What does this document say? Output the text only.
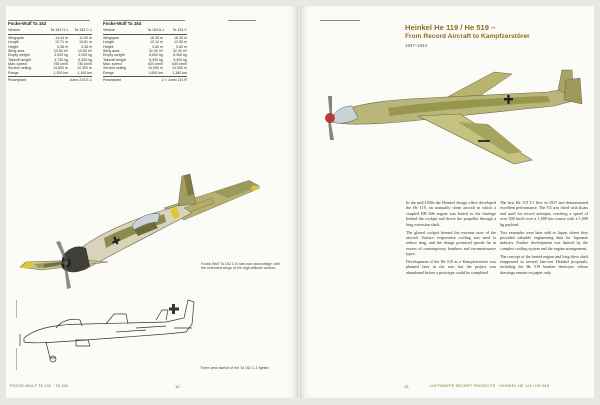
Focke-Wulf Ta 152
Version	Ta 152 H-1 Ta 152 C-1
Wingspan	14.44 m	11.00 m
Length	10.71 m	10.81 m
Height	3.36 m	3.36 m
Wing area	23.50 m²	19.50 m²
Empty weight	3,920 kg	4,000 kg
Takeoff weight	4,730 kg	5,300 kg
Max. speed	755 km/h	730 km/h
Service ceiling	14,800 m	12,300 m
Range	1,200 km	1,100 km
Powerplant	Jumo 213 E-1
Focke-Wulf Ta 154
Version	Ta 154 A-1 Ta 154 C
Wingspan	16.30 m	16.30 m
Length	12.10 m	12.55 m
Height	3.60 m	3.60 m
Wing area	32.40 m²	32.40 m²
Empty weight	6,600 kg	6,900 kg
Takeoff weight	8,930 kg	9,400 kg
Max. speed	620 km/h	640 km/h
Service ceiling	10,900 m	10,500 m
Range	1,850 km	1,380 km
Powerplant	2 × Jumo 211 R
Focke-Wulf Ta 152 C in late-war camouflage, with the extended wings of the high-altitude version.
Three-view sketch of the Ta 152 C-1 fighter.
FOCKE-WULF TA 152 · TA 154	12
Heinkel He 119 / He 519 –
From Record Aircraft to Kampfzerstörer
1937–1944

In the mid-1930s the Heinkel design office developed the He 119, an unusually clean aircraft in which a coupled DB 606 engine was buried in the fuselage behind the cockpit and drove the propeller through a long extension shaft.

The glazed cockpit formed the extreme nose of the aircraft. Surface evaporative cooling was used to reduce drag, and the design promised speeds far in excess of contemporary bombers and reconnaissance types.

Development of the He 519 as a Kampfzerstörer was planned later in the war, but the project was abandoned before a prototype could be completed.

The first He 119 V1 flew in 1937 and demonstrated excellent performance. The V4 was fitted with floats and used for record attempts, reaching a speed of over 500 km/h over a 1,000 km course with a 1,000 kg payload.

Two examples were later sold to Japan, where they provided valuable engineering data for Japanese industry. Further development was limited by the complex cooling system and the engine arrangement.

The concept of the buried engine and long drive shaft reappeared in several late-war Heinkel proposals, including the He 519 bomber destroyer, whose drawings remain on paper only.

13	LUFTWAFFE SECRET PROJECTS · HEINKEL HE 119 / HE 519
